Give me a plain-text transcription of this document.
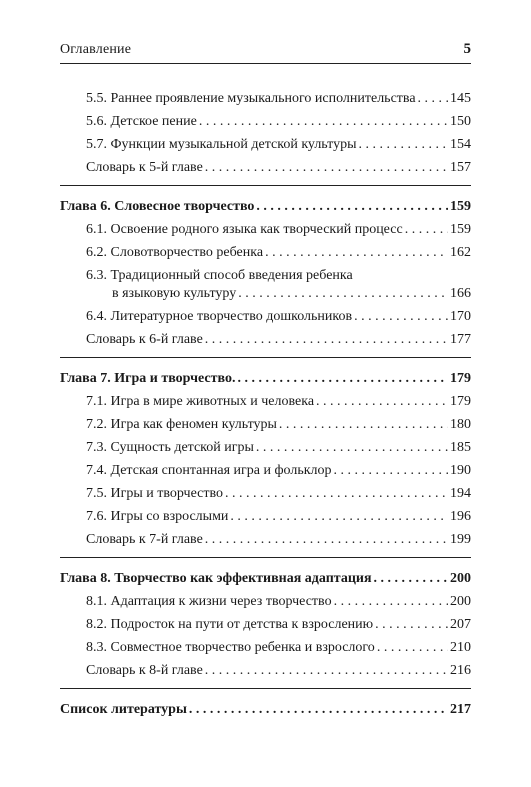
Оглавление	5
5.5. Раннее проявление музыкального исполнительства . . . 145
5.6. Детское пение . . .	150
5.7. Функции музыкальной детской культуры . . .	154
Словарь к 5-й главе . . .	157
Глава 6. Словесное творчество . . .	159
6.1. Освоение родного языка как творческий процесс . . .	159
6.2. Словотворчество ребенка . . .	162
6.3. Традиционный способ введения ребенка
в языковую культуру . . .	166
6.4. Литературное творчество дошкольников . . .	170
Словарь к 6-й главе . . .	177
Глава 7. Игра и творчество. . . .	179
7.1. Игра в мире животных и человека . . .	179
7.2. Игра как феномен культуры . . .	180
7.3. Сущность детской игры . . .	185
7.4. Детская спонтанная игра и фольклор . . .	190
7.5. Игры и творчество . . .	194
7.6. Игры со взрослыми . . .	196
Словарь к 7-й главе . . .	199
Глава 8. Творчество как эффективная адаптация . . .	200
8.1. Адаптация к жизни через творчество . . .	200
8.2. Подросток на пути от детства к взрослению . . .	207
8.3. Совместное творчество ребенка и взрослого . . .	210
Словарь к 8-й главе . . .	216
Список литературы . . .	217
